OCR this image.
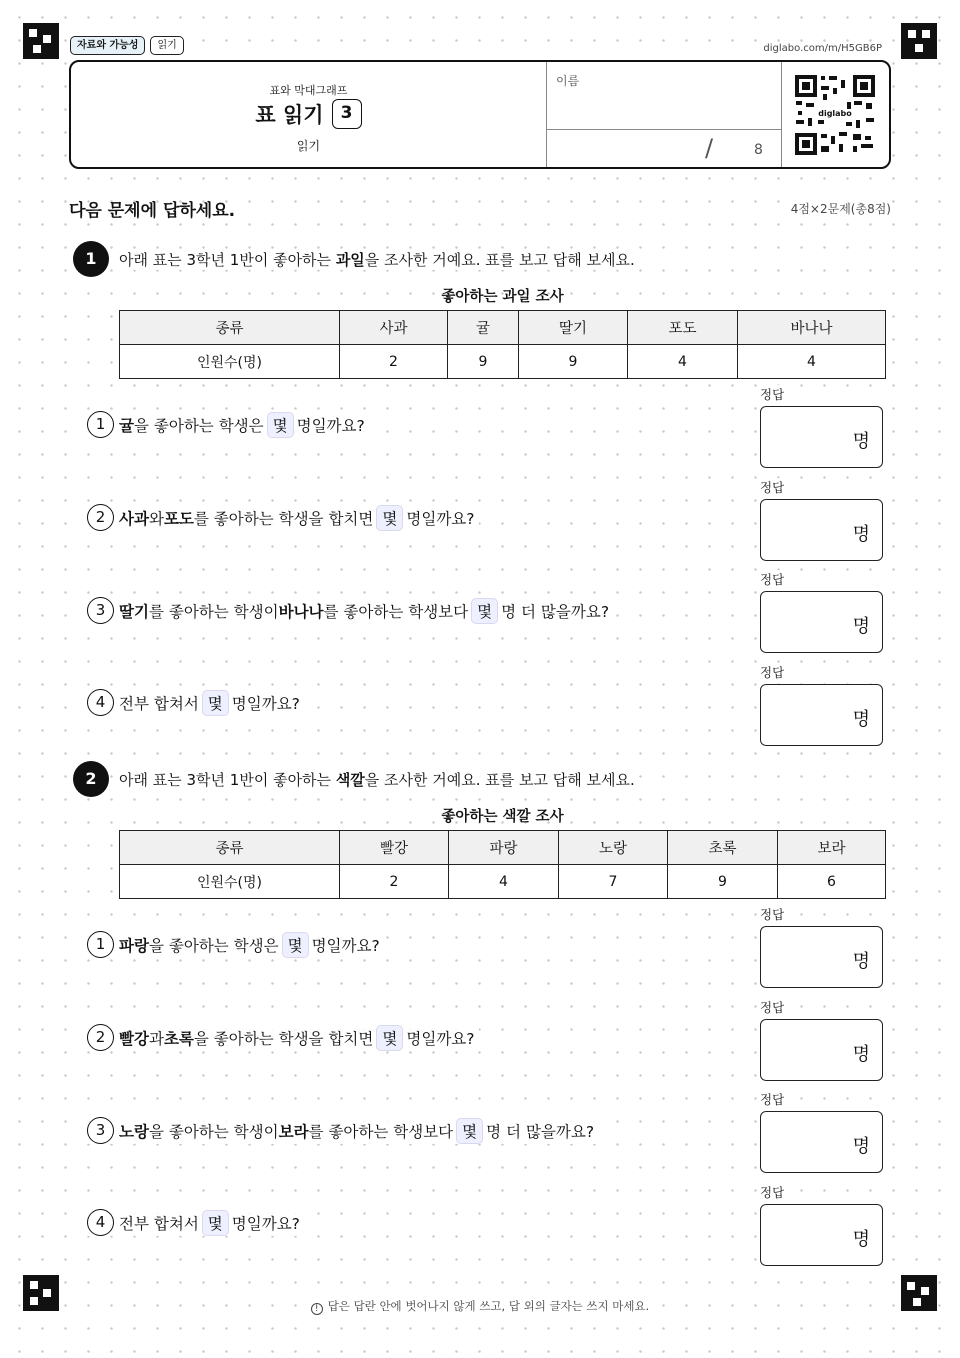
자료와 가능성	읽기	diglabo.com/m/H5GB6P
표와 막대그래프
표 읽기	3
읽기
이름
/	8
diglabo
다음 문제에 답하세요.	4점×2문제(총8점)
1	아래 표는 3학년 1반이 좋아하는 과일을 조사한 거예요. 표를 보고 답해 보세요.
좋아하는 과일 조사
종류	사과	귤	딸기	포도	바나나
인원수(명)	2	9	9	4	4
1 귤 을 좋아하는 학생은 몇 명일까요?
2 사과 와 포도 를 좋아하는 학생을 합치면 몇 명일까요?
3 딸기 를 좋아하는 학생이 바나나 를 좋아하는 학생보다 몇 명 더 많을까요?
4 전부 합쳐서 몇 명일까요?
정답
명
정답
명
정답
명
정답
명
2	아래 표는 3학년 1반이 좋아하는 색깔을 조사한 거예요. 표를 보고 답해 보세요.
좋아하는 색깔 조사
종류	빨강	파랑	노랑	초록	보라
인원수(명)	2	4	7	9	6
1 파랑 을 좋아하는 학생은 몇 명일까요?
2 빨강 과 초록 을 좋아하는 학생을 합치면 몇 명일까요?
3 노랑 을 좋아하는 학생이 보라 를 좋아하는 학생보다 몇 명 더 많을까요?
4 전부 합쳐서 몇 명일까요?
정답
명
정답
명
정답
명
정답
명
! 답은 답란 안에 벗어나지 않게 쓰고, 답 외의 글자는 쓰지 마세요.
